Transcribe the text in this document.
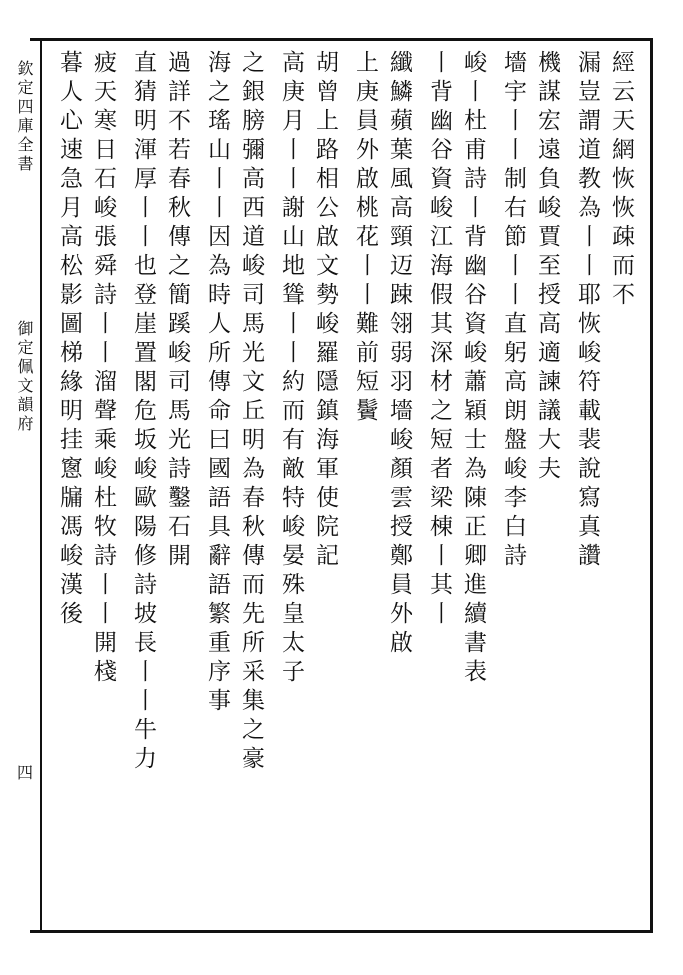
欽定四庫全書
御定佩文韻府
四
經云天網恢恢疎而不
漏豈謂道教為丨丨耶恢峻符載裴說寫真讚
機謀宏遠負峻賈至授高適諫議大夫
墻宇丨丨制右節丨丨直躬高朗盤峻李白詩
峻丨杜甫詩丨背幽谷資峻蕭穎士為陳正卿進續書表
丨背幽谷資峻江海假其深材之短者梁棟丨其丨
纖鱗蘋葉風高頸迈踈翎弱羽墻峻顏雲授鄭員外啟
上庚員外啟桃花丨丨難前短鬢
胡曾上路相公啟文勢峻羅隱鎮海軍使院記
高庚月丨丨謝山地聳丨丨約而有敵特峻晏殊皇太子
之銀膀彌高西道峻司馬光文丘明為春秋傳而先所采集之豪
海之瑤山丨丨因為時人所傳命曰國語具辭語繁重序事
過詳不若春秋傳之簡蹊峻司馬光詩鑿石開
直猜明渾厚丨丨也登崖置閣危坂峻歐陽修詩坡長丨丨牛力
疲天寒日石峻張舜詩丨丨溜聲乘峻杜牧詩丨丨開棧
暮人心速急月高松影圖梯緣明挂窻牖馮峻漢後
